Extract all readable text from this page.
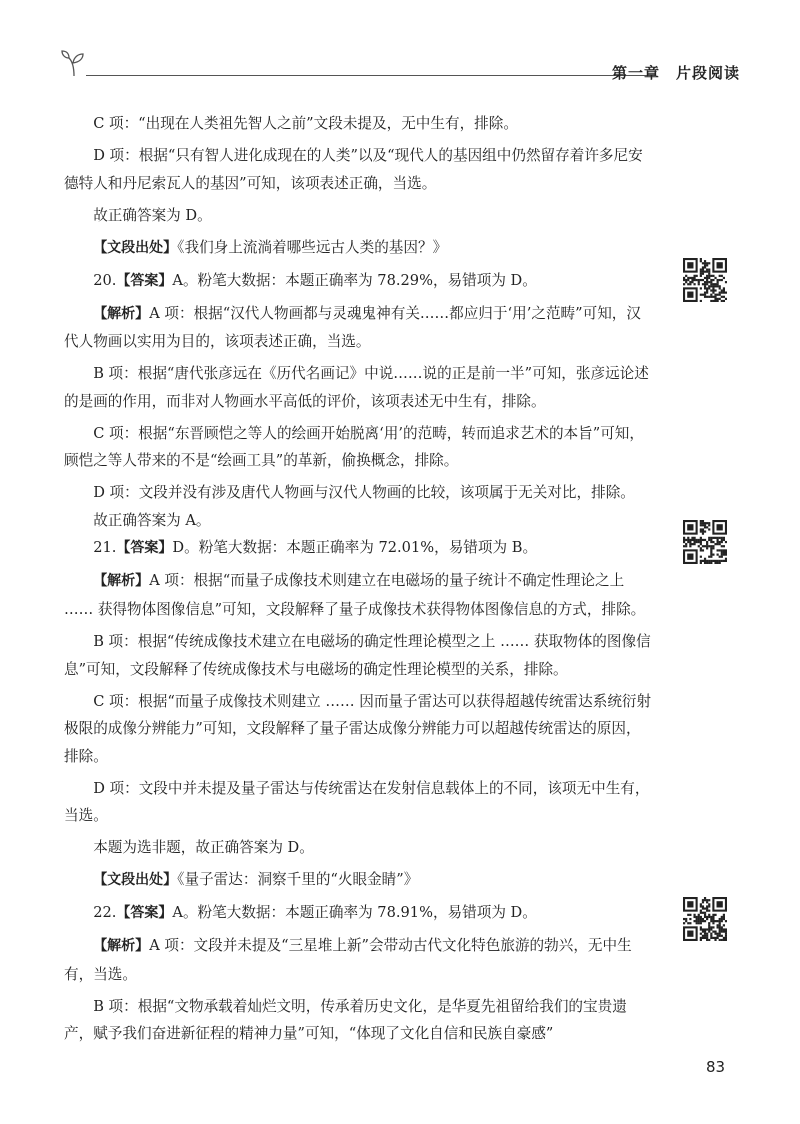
第一章　片段阅读

C 项：“出现在人类祖先智人之前”文段未提及，无中生有，排除。

D 项：根据“只有智人进化成现在的人类”以及“现代人的基因组中仍然留存着许多尼安德特人和丹尼索瓦人的基因”可知，该项表述正确，当选。

故正确答案为 D。

【文段出处】《我们身上流淌着哪些远古人类的基因？》

20.【答案】A。粉笔大数据：本题正确率为 78.29%，易错项为 D。

【解析】A 项：根据“汉代人物画都与灵魂鬼神有关……都应归于‘用’之范畴”可知，汉代人物画以实用为目的，该项表述正确，当选。

B 项：根据“唐代张彦远在《历代名画记》中说……说的正是前一半”可知，张彦远论述的是画的作用，而非对人物画水平高低的评价，该项表述无中生有，排除。

C 项：根据“东晋顾恺之等人的绘画开始脱离‘用’的范畴，转而追求艺术的本旨”可知，顾恺之等人带来的不是“绘画工具”的革新，偷换概念，排除。

D 项：文段并没有涉及唐代人物画与汉代人物画的比较，该项属于无关对比，排除。

故正确答案为 A。

21.【答案】D。粉笔大数据：本题正确率为 72.01%，易错项为 B。

【解析】A 项：根据“而量子成像技术则建立在电磁场的量子统计不确定性理论之上 …… 获得物体图像信息”可知，文段解释了量子成像技术获得物体图像信息的方式，排除。

B 项：根据“传统成像技术建立在电磁场的确定性理论模型之上 …… 获取物体的图像信息”可知，文段解释了传统成像技术与电磁场的确定性理论模型的关系，排除。

C 项：根据“而量子成像技术则建立 …… 因而量子雷达可以获得超越传统雷达系统衍射极限的成像分辨能力”可知，文段解释了量子雷达成像分辨能力可以超越传统雷达的原因，排除。

D 项：文段中并未提及量子雷达与传统雷达在发射信息载体上的不同，该项无中生有，当选。

本题为选非题，故正确答案为 D。

【文段出处】《量子雷达：洞察千里的“火眼金睛”》

22.【答案】A。粉笔大数据：本题正确率为 78.91%，易错项为 D。

【解析】A 项：文段并未提及“三星堆上新”会带动古代文化特色旅游的勃兴，无中生有，当选。

B 项：根据“文物承载着灿烂文明，传承着历史文化，是华夏先祖留给我们的宝贵遗产，赋予我们奋进新征程的精神力量”可知，“体现了文化自信和民族自豪感”

83
